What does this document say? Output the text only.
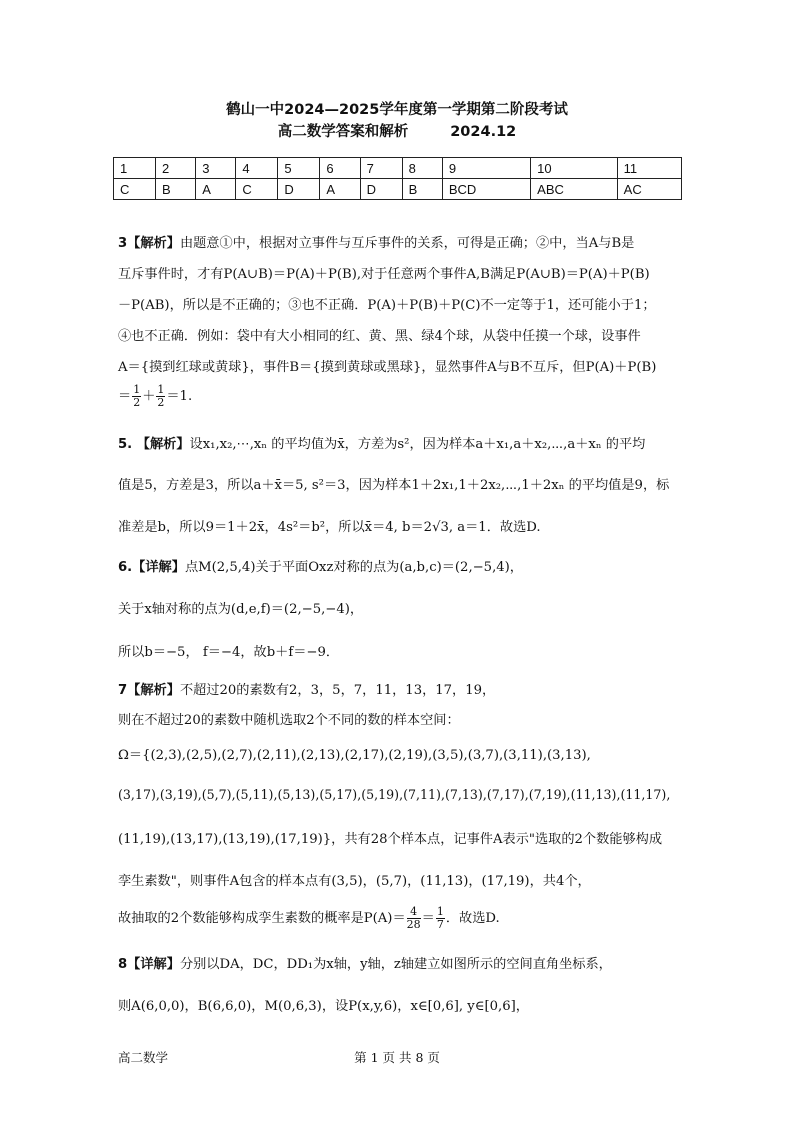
鹤山一中2024—2025学年度第一学期第二阶段考试
高二数学答案和解析	2024.12
1	2	3	4	5	6	7	8	9	10	11
C	B	A	C	D	A	D	B	BCD	ABC	AC
3【解析】由题意①中，根据对立事件与互斥事件的关系，可得是正确；②中，当A与B是
互斥事件时，才有P(A∪B)＝P(A)＋P(B),对于任意两个事件A,B满足P(A∪B)＝P(A)＋P(B)
－P(AB)，所以是不正确的；③也不正确．P(A)＋P(B)＋P(C)不一定等于1，还可能小于1；
④也不正确．例如：袋中有大小相同的红、黄、黑、绿4个球，从袋中任摸一个球，设事件
A＝{摸到红球或黄球}，事件B＝{摸到黄球或黑球}，显然事件A与B不互斥，但P(A)＋P(B)
＝ $\frac{1}{2} + \frac{1}{2} =1$.
5. 【解析】设x₁,x₂,⋯,xₙ 的平均值为x̄，方差为s²，因为样本a＋x₁,a＋x₂,⋯,a＋xₙ 的平均
值是5，方差是3，所以a＋x̄＝5, s²＝3，因为样本1＋2x₁,1＋2x₂,⋯,1＋2xₙ 的平均值是9，标
准差是b，所以9＝1＋2x̄，4s²＝b²，所以x̄＝4, b＝2√3, a＝1．故选D.
6.【详解】点M(2,5,4)关于平面Oxz对称的点为(a,b,c)＝(2,−5,4)，
关于x轴对称的点为(d,e,f)＝(2,−5,−4)，
所以b＝−5， f＝−4，故b＋f＝−9．
7【解析】不超过20的素数有2，3，5，7，11，13，17，19，
则在不超过20的素数中随机选取2个不同的数的样本空间：
Ω＝{(2,3),(2,5),(2,7),(2,11),(2,13),(2,17),(2,19),(3,5),(3,7),(3,11),(3,13),
(3,17),(3,19),(5,7),(5,11),(5,13),(5,17),(5,19),(7,11),(7,13),(7,17),(7,19),(11,13),(11,17),
(11,19),(13,17),(13,19),(17,19)}，共有28个样本点，记事件A表示"选取的2个数能够构成
孪生素数"，则事件A包含的样本点有(3,5)，(5,7)，(11,13)，(17,19)，共4个，
故抽取的2个数能够构成孪生素数的概率是$P(A)= \frac{4}{28} = \frac{1}{7}$ ．故选D.
8【详解】分别以DA，DC，DD₁为x轴，y轴，z轴建立如图所示的空间直角坐标系，
则A(6,0,0)，B(6,6,0)，M(0,6,3)，设P(x,y,6)，x∈[0,6], y∈[0,6]，
高二数学	第 1 页 共 8 页
